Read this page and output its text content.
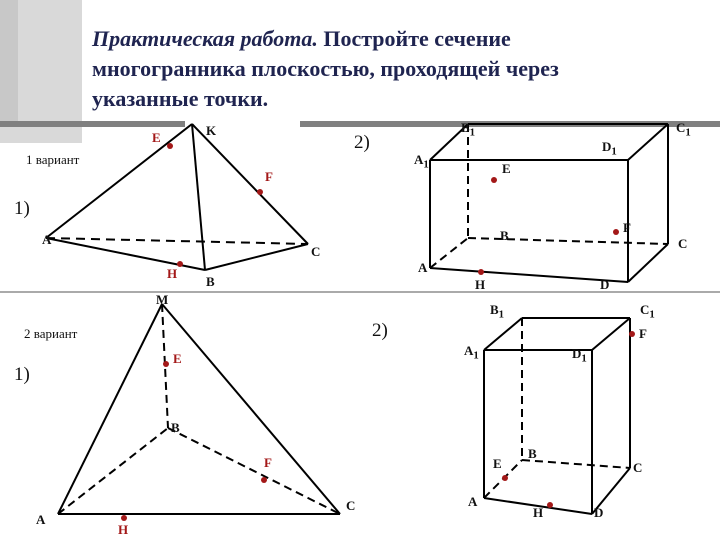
Практическая работа. Постройте сечение многогранника плоскостью, проходящей через указанные точки.
1 вариант
1)
2)
E	K
F
A
C
H
B
$B_1$	$C_1$
$A_1$
$D_1$
E
F
B
C
A
H	D
2 вариант
1)
2)
M
E
B
F
A
C
H
$B_1$	$C_1$
F
$A_1$	$D_1$
E
B
C
A
H	D
